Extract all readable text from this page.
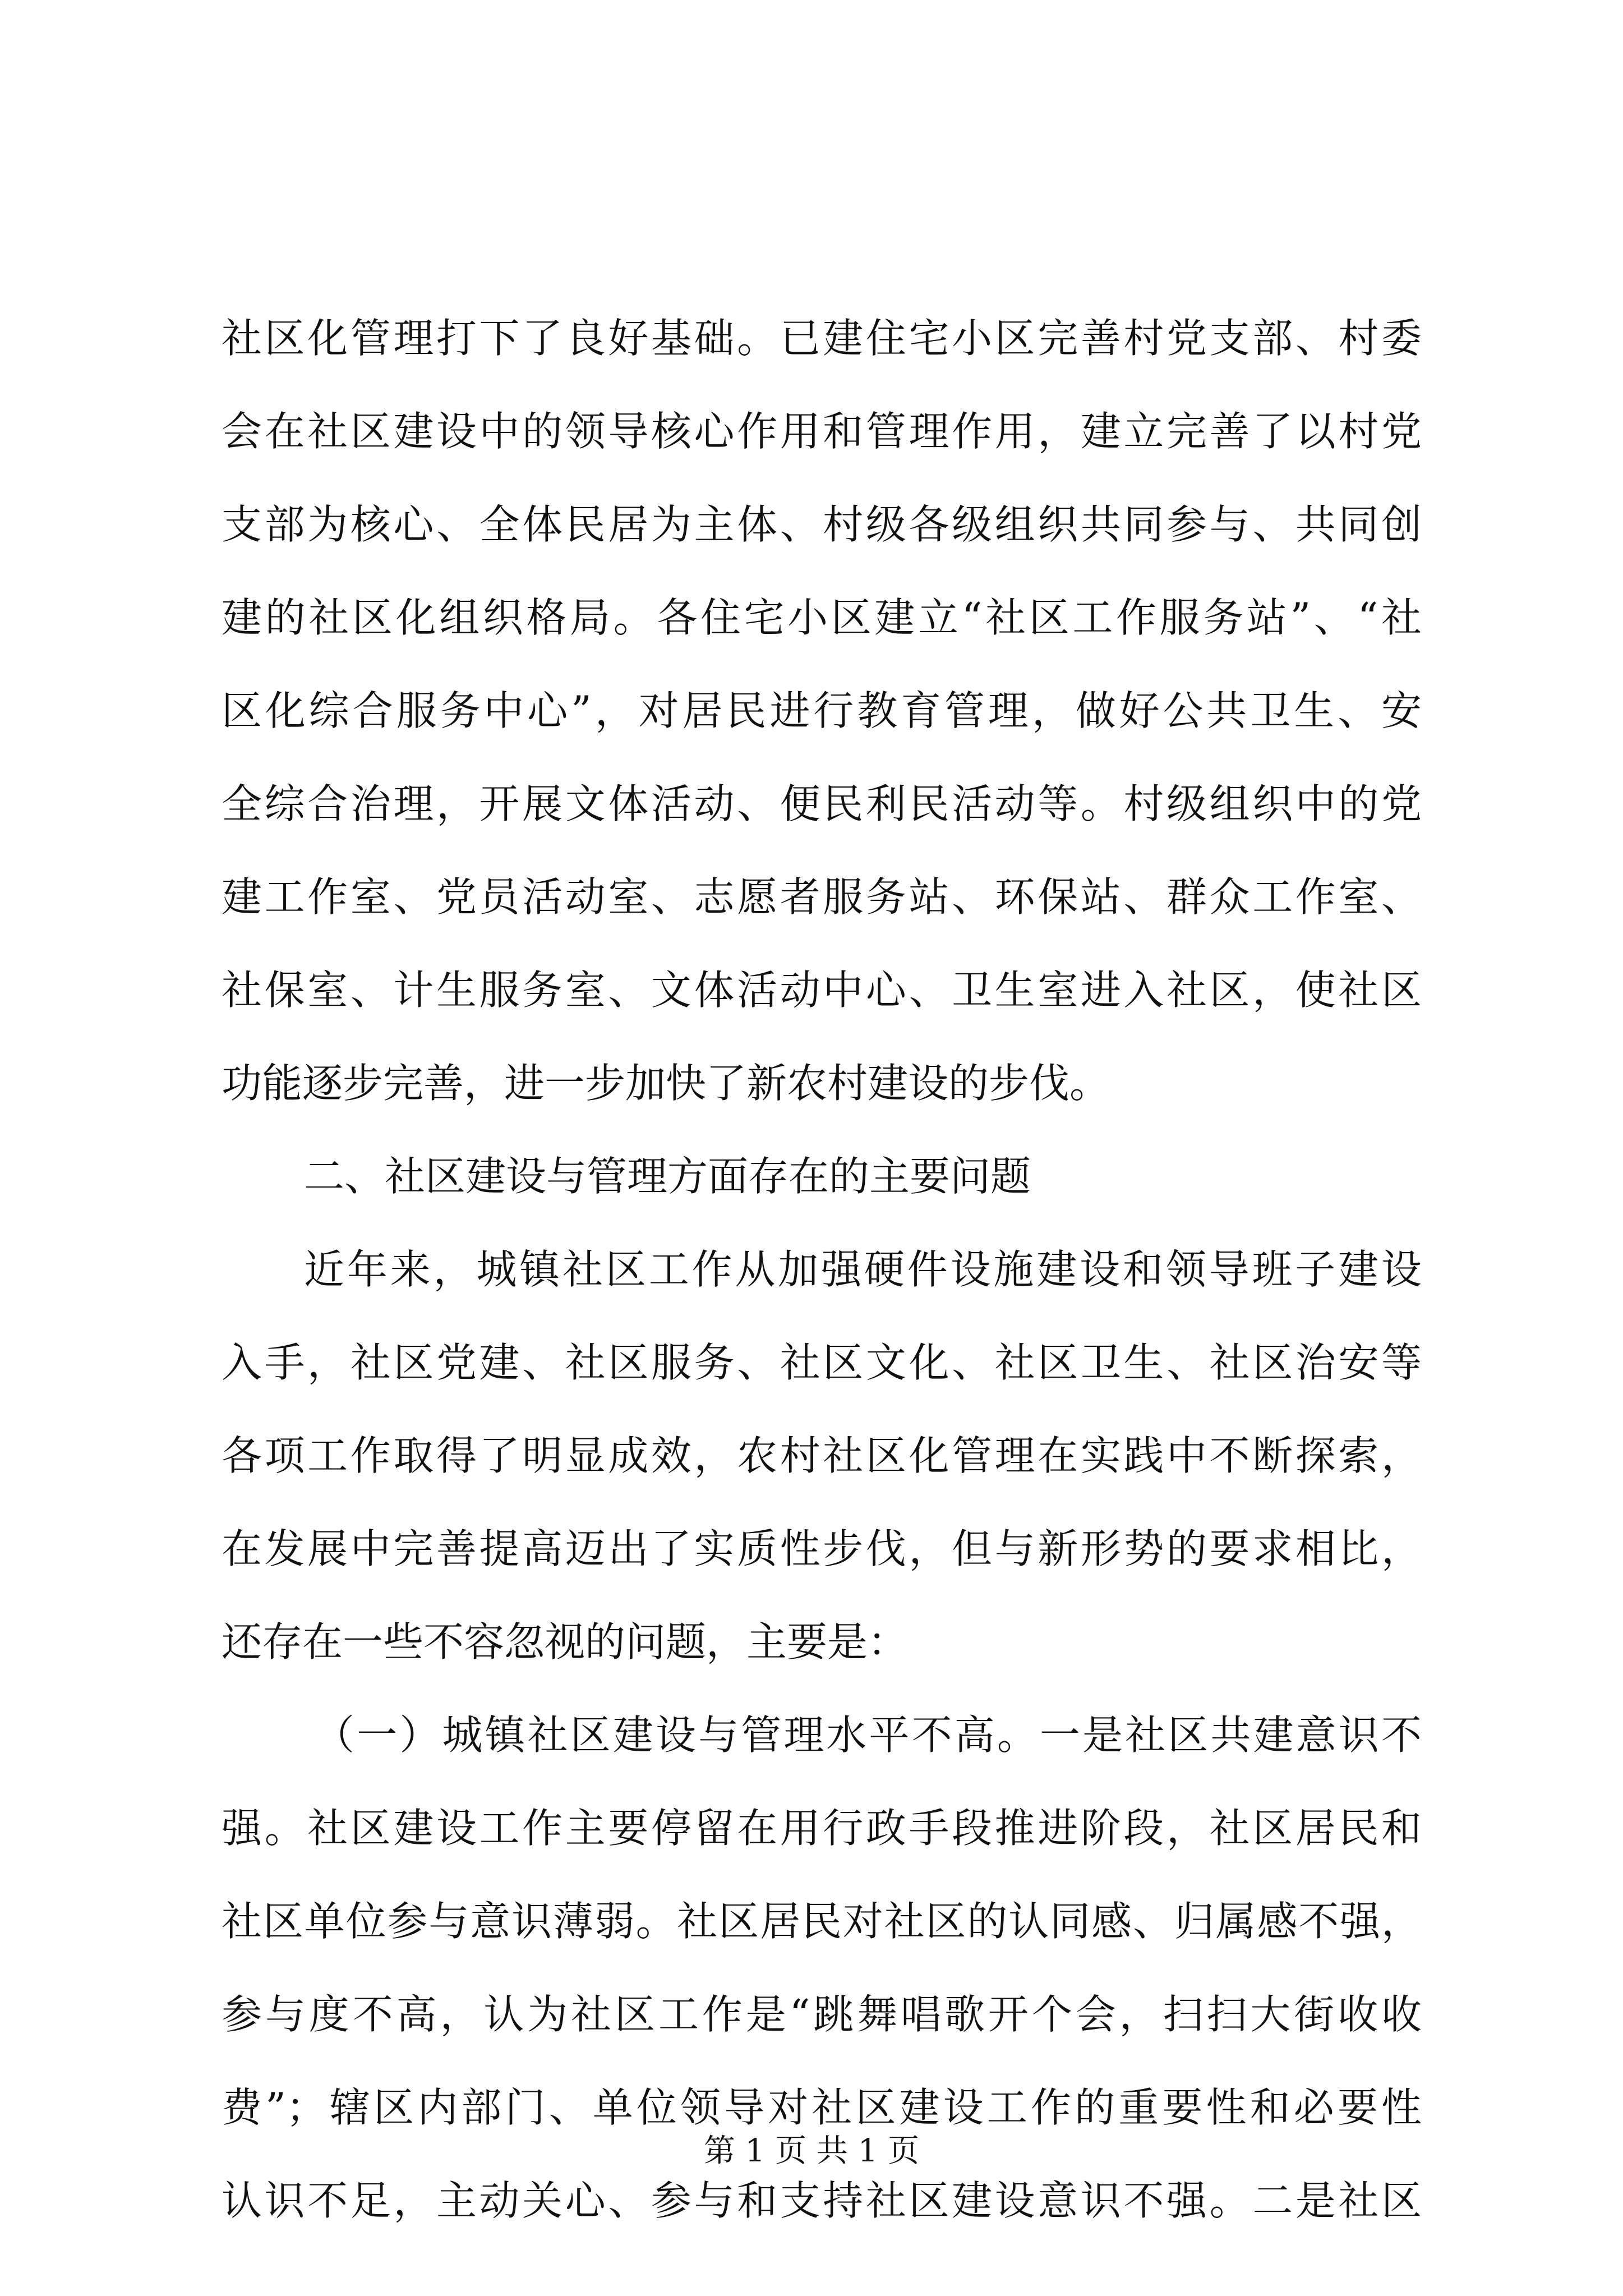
社区化管理打下了良好基础。已建住宅小区完善村党支部、村委
会在社区建设中的领导核心作用和管理作用，建立完善了以村党
支部为核心、全体民居为主体、村级各级组织共同参与、共同创
建的社区化组织格局。各住宅小区建立“社区工作服务站”、“社
区化综合服务中心”，对居民进行教育管理，做好公共卫生、安
全综合治理，开展文体活动、便民利民活动等。村级组织中的党
建工作室、党员活动室、志愿者服务站、环保站、群众工作室、
社保室、计生服务室、文体活动中心、卫生室进入社区，使社区
功能逐步完善，进一步加快了新农村建设的步伐。
二、社区建设与管理方面存在的主要问题
近年来，城镇社区工作从加强硬件设施建设和领导班子建设
入手，社区党建、社区服务、社区文化、社区卫生、社区治安等
各项工作取得了明显成效，农村社区化管理在实践中不断探索，
在发展中完善提高迈出了实质性步伐，但与新形势的要求相比，
还存在一些不容忽视的问题，主要是：
（一）城镇社区建设与管理水平不高。一是社区共建意识不
强。社区建设工作主要停留在用行政手段推进阶段，社区居民和
社区单位参与意识薄弱。社区居民对社区的认同感、归属感不强，
参与度不高，认为社区工作是“跳舞唱歌开个会，扫扫大街收收
费”；辖区内部门、单位领导对社区建设工作的重要性和必要性
认识不足，主动关心、参与和支持社区建设意识不强。二是社区
第 1 页 共 1 页
